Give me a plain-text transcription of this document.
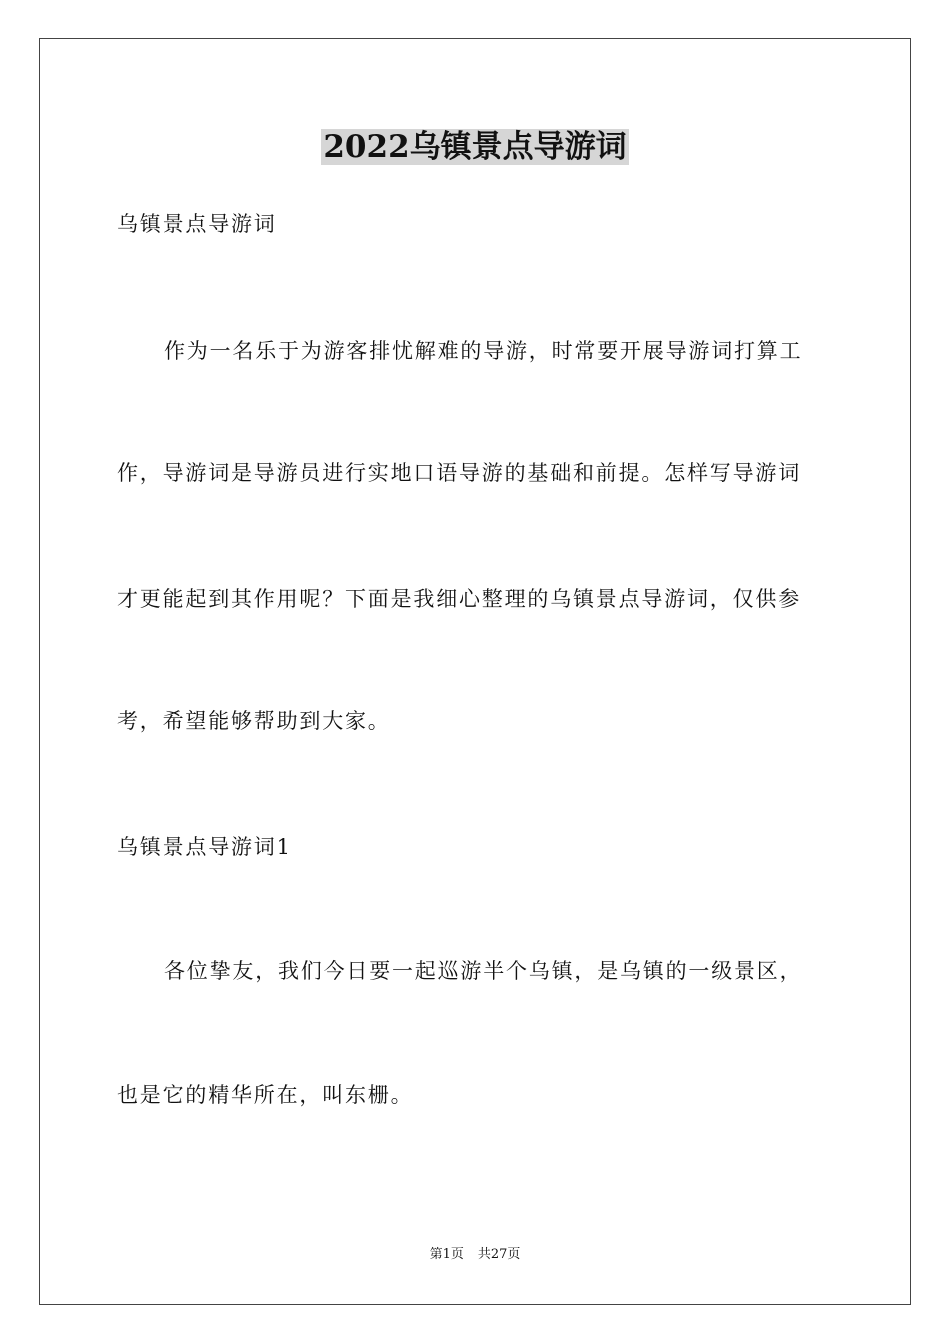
2022乌镇景点导游词
乌镇景点导游词
作为一名乐于为游客排忧解难的导游，时常要开展导游词打算工
作，导游词是导游员进行实地口语导游的基础和前提。怎样写导游词
才更能起到其作用呢？下面是我细心整理的乌镇景点导游词，仅供参
考，希望能够帮助到大家。
乌镇景点导游词1
各位挚友，我们今日要一起巡游半个乌镇，是乌镇的一级景区，
也是它的精华所在，叫东栅。
第1页 共27页
